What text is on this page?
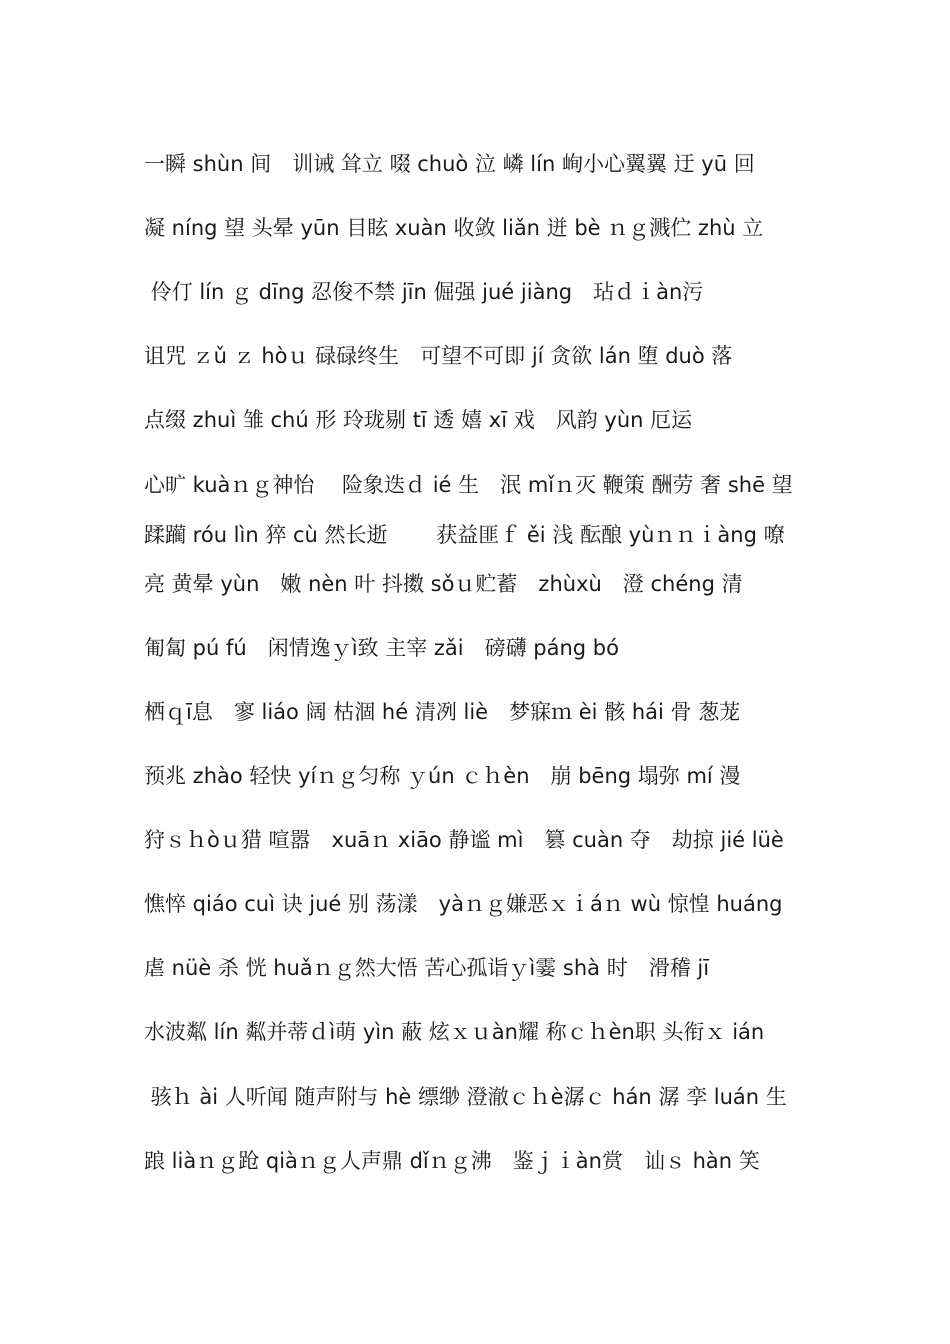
一瞬 shùn 间　训诫 耸立 啜 chuò 泣 嶙 lín 峋小心翼翼 迂 yū 回
凝 níng 望 头晕 yūn 目眩 xuàn 收敛 liǎn 迸 bè ｎｇ溅伫 zhù 立
伶仃 lín ｇ dīng 忍俊不禁 jīn 倔强 jué jiàng　玷ｄｉàn污
诅咒 ｚǔ ｚ hòｕ 碌碌终生　可望不可即 jí 贪欲 lán 堕 duò 落
点缀 zhuì 雏 chú 形 玲珑剔 tī 透 嬉 xī 戏　风韵 yùn 厄运
心旷 kuàｎｇ神怡　 险象迭ｄ ié 生　泯 mǐｎ灭 鞭策 酬劳 奢 shē 望
蹂躏 róu lìn 猝 cù 然长逝　　 获益匪ｆ ěi 浅 酝酿 yùｎｎｉàng 嘹
亮 黄晕 yùn　嫩 nèn 叶 抖擞 sǒｕ贮蓄　zhùxù　澄 chéng 清
匍匐 pú fú　闲情逸ｙì致 主宰 zǎi　磅礴 páng bó
栖ｑī息　寥 liáo 阔 枯涸 hé 清冽 liè　梦寐ｍ èi 骸 hái 骨 葱茏
预兆 zhào 轻快 yíｎｇ匀称 ｙún ｃｈèn　崩 bēng 塌弥 mí 漫
狩ｓｈòｕ猎 喧嚣　xuāｎ xiāo 静谧 mì　篡 cuàn 夺　劫掠 jié lüè
憔悴 qiáo cuì 诀 jué 别 荡漾　yàｎｇ嫌恶ｘｉáｎ wù 惊惶 huáng
虐 nüè 杀 恍 huǎｎｇ然大悟 苦心孤诣ｙì霎 shà 时　滑稽 jī
水波粼 lín 粼并蒂ｄì萌 yìn 蔽 炫ｘｕàn耀 称ｃｈèn职 头衔ｘ ián
骇ｈ ài 人听闻 随声附与 hè 缥缈 澄澈ｃｈè潺ｃ hán 潺 孪 luán 生
踉 liàｎｇ跄 qiàｎｇ人声鼎 dǐｎｇ沸　鉴ｊｉàn赏　讪ｓ hàn 笑
